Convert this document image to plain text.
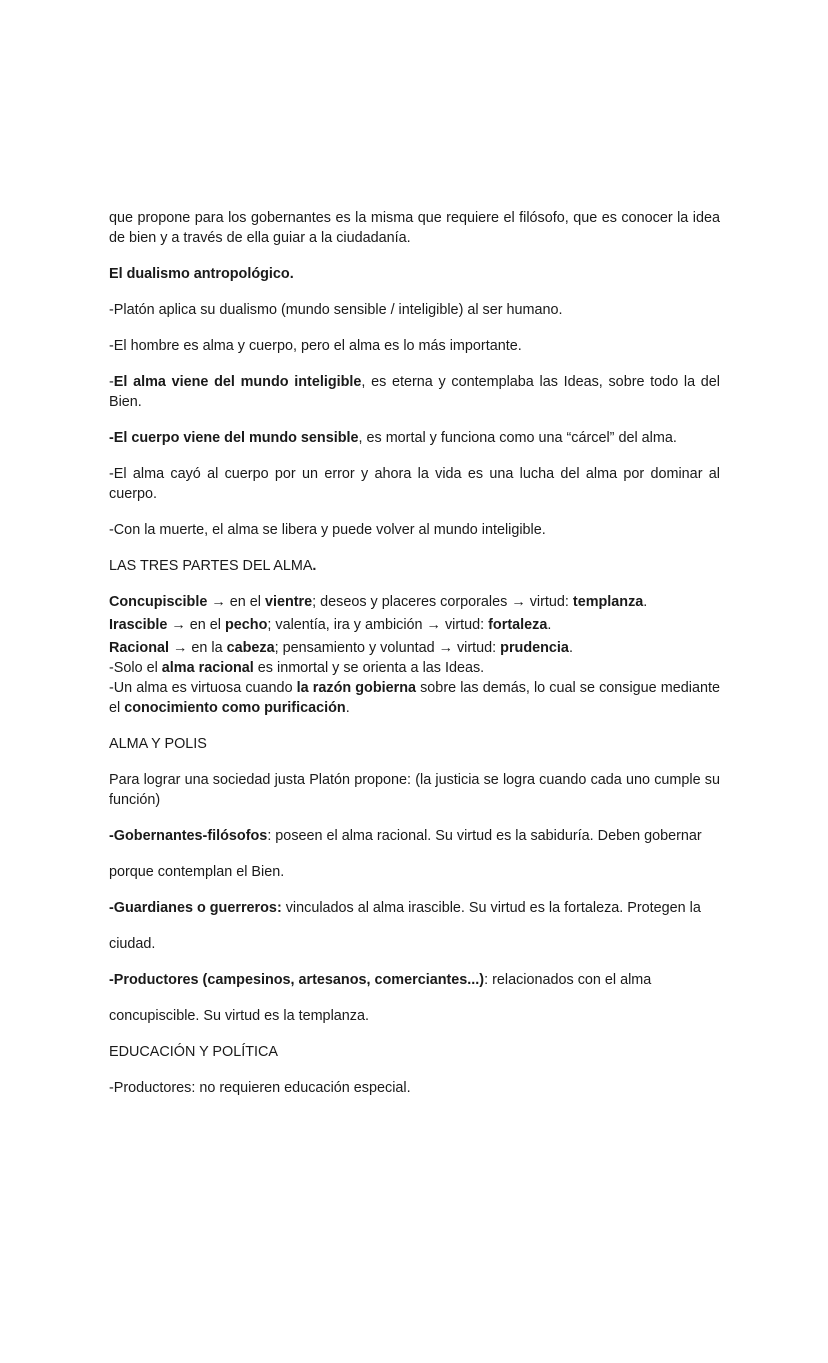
que propone para los gobernantes es la misma que requiere el filósofo, que es conocer la idea de bien y a través de ella guiar a la ciudadanía.

El dualismo antropológico.

-Platón aplica su dualismo (mundo sensible / inteligible) al ser humano.

-El hombre es alma y cuerpo, pero el alma es lo más importante.

-El alma viene del mundo inteligible, es eterna y contemplaba las Ideas, sobre todo la del Bien.

-El cuerpo viene del mundo sensible, es mortal y funciona como una “cárcel” del alma.

-El alma cayó al cuerpo por un error y ahora la vida es una lucha del alma por dominar al cuerpo.

-Con la muerte, el alma se libera y puede volver al mundo inteligible.

LAS TRES PARTES DEL ALMA.

Concupiscible → en el vientre; deseos y placeres corporales → virtud: templanza.

Irascible → en el pecho; valentía, ira y ambición → virtud: fortaleza.

Racional → en la cabeza; pensamiento y voluntad → virtud: prudencia.

-Solo el alma racional es inmortal y se orienta a las Ideas.

-Un alma es virtuosa cuando la razón gobierna sobre las demás, lo cual se consigue mediante el conocimiento como purificación.

ALMA Y POLIS

Para lograr una sociedad justa Platón propone: (la justicia se logra cuando cada uno cumple su función)

-Gobernantes-filósofos: poseen el alma racional. Su virtud es la sabiduría. Deben gobernar

porque contemplan el Bien.

-Guardianes o guerreros: vinculados al alma irascible. Su virtud es la fortaleza. Protegen la

ciudad.

-Productores (campesinos, artesanos, comerciantes...): relacionados con el alma

concupiscible. Su virtud es la templanza.

EDUCACIÓN Y POLÍTICA

-Productores: no requieren educación especial.
